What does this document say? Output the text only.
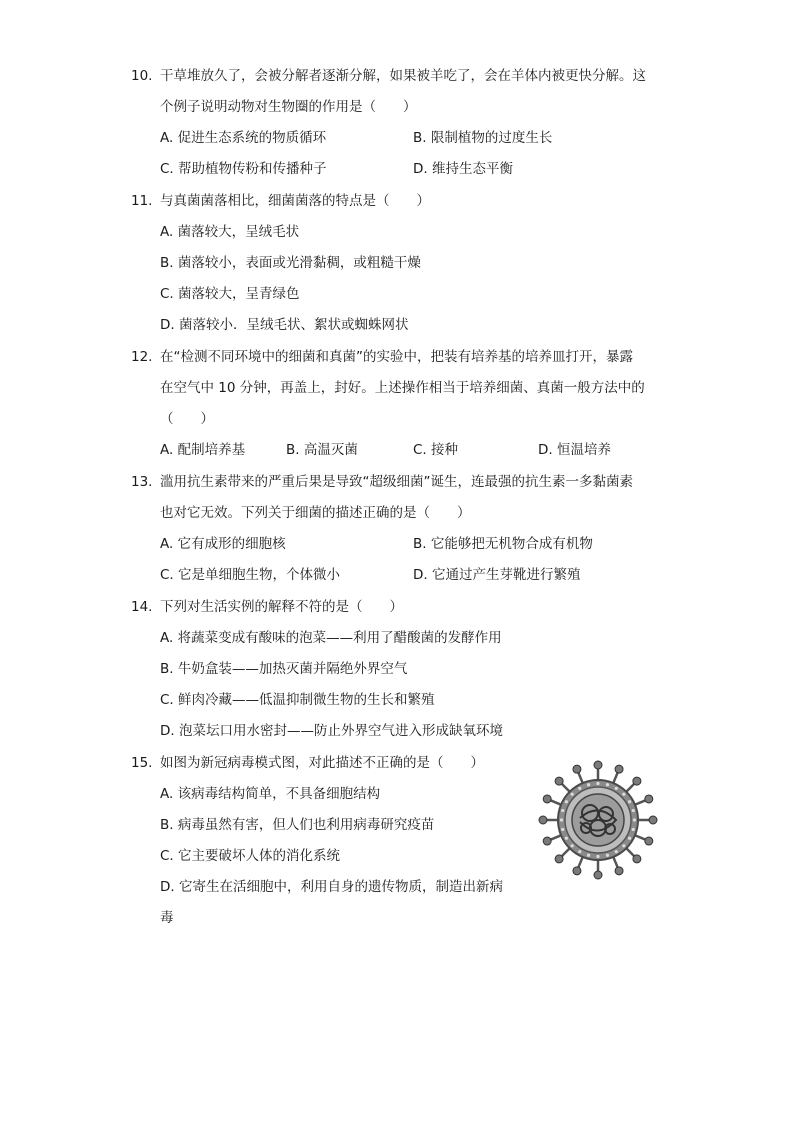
10. 干草堆放久了，会被分解者逐渐分解，如果被羊吃了，会在羊体内被更快分解。这
个例子说明动物对生物圈的作用是（　　）
A. 促进生态系统的物质循环	B. 限制植物的过度生长
C. 帮助植物传粉和传播种子	D. 维持生态平衡
11. 与真菌菌落相比，细菌菌落的特点是（　　）
A. 菌落较大，呈绒毛状
B. 菌落较小，表面或光滑黏稠，或粗糙干燥
C. 菌落较大，呈青绿色
D. 菌落较小．呈绒毛状、絮状或蜘蛛网状
12. 在“检测不同环境中的细菌和真菌”的实验中，把装有培养基的培养皿打开，暴露
在空气中 10 分钟，再盖上，封好。上述操作相当于培养细菌、真菌一般方法中的
（　　）
A. 配制培养基	B. 高温灭菌	C. 接种	D. 恒温培养
13. 滥用抗生素带来的严重后果是导致“超级细菌”诞生，连最强的抗生素一多黏菌素
也对它无效。下列关于细菌的描述正确的是（　　）
A. 它有成形的细胞核	B. 它能够把无机物合成有机物
C. 它是单细胞生物，个体微小	D. 它通过产生芽靴进行繁殖
14. 下列对生活实例的解释不符的是（　　）
A. 将蔬菜变成有酸味的泡菜——利用了醋酸菌的发酵作用
B. 牛奶盒装——加热灭菌并隔绝外界空气
C. 鲜肉冷藏——低温抑制微生物的生长和繁殖
D. 泡菜坛口用水密封——防止外界空气进入形成缺氧环境
15. 如图为新冠病毒模式图，对此描述不正确的是（　　）
A. 该病毒结构简单，不具备细胞结构
B. 病毒虽然有害，但人们也利用病毒研究疫苗
C. 它主要破坏人体的消化系统
D. 它寄生在活细胞中，利用自身的遗传物质，制造出新病
毒
